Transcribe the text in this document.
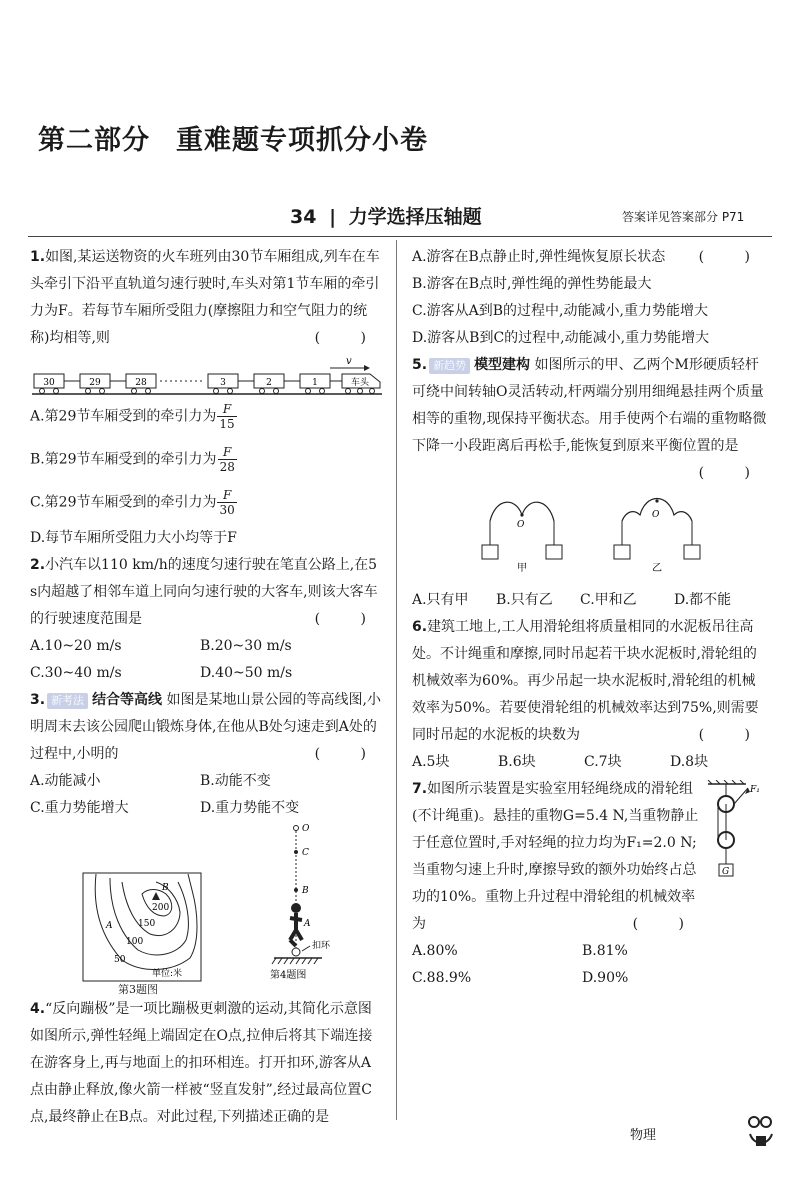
第二部分 重难题专项抓分小卷
34 | 力学选择压轴题	答案详见答案部分 P71

1.如图,某运送物资的火车班列由30节车厢组成,列车在车头牵引下沿平直轨道匀速行驶时,车头对第1节车厢的牵引力为F。若每节车厢所受阻力(摩擦阻力和空气阻力的统称)均相等,则	( )

30	29	28	3	2	1	车头
v

A.第29节车厢受到的牵引力为 $\frac{F}{15}$

B.第29节车厢受到的牵引力为 $\frac{F}{28}$

C.第29节车厢受到的牵引力为 $\frac{F}{30}$

D.每节车厢所受阻力大小均等于F

2.小汽车以110 km/h的速度匀速行驶在笔直公路上,在5 s内超越了相邻车道上同向匀速行驶的大客车,则该大客车的行驶速度范围是	( )

A.10~20 m/s	B.20~30 m/s
C.30~40 m/s	D.40~50 m/s

3. 新考法 结合等高线 如图是某地山景公园的等高线图,小明周末去该公园爬山锻炼身体,在他从B处匀速走到A处的过程中,小明的	( )

A.动能减小	B.动能不变
C.重力势能增大	D.重力势能不变
B
200
150
A
100
50
单位:米
第3题图
O
C
B
A
扣环
第4题图

4.“反向蹦极”是一项比蹦极更刺激的运动,其简化示意图如图所示,弹性轻绳上端固定在O点,拉伸后将其下端连接在游客身上,再与地面上的扣环相连。打开扣环,游客从A点由静止释放,像火箭一样被“竖直发射”,经过最高位置C点,最终静止在B点。对此过程,下列描述正确的是

( )

A.游客在B点静止时,弹性绳恢复原长状态

B.游客在B点时,弹性绳的弹性势能最大

C.游客从A到B的过程中,动能减小,重力势能增大

D.游客从B到C的过程中,动能减小,重力势能增大

5. 新趋势 模型建构 如图所示的甲、乙两个M形硬质轻杆可绕中间转轴O灵活转动,杆两端分别用细绳悬挂两个质量相等的重物,现保持平衡状态。用手使两个右端的重物略微下降一小段距离后再松手,能恢复到原来平衡位置的是
( )

O
甲
O
乙
A.只有甲	B.只有乙	C.甲和乙	D.都不能

6.建筑工地上,工人用滑轮组将质量相同的水泥板吊往高处。不计绳重和摩擦,同时吊起若干块水泥板时,滑轮组的机械效率为60%。再少吊起一块水泥板时,滑轮组的机械效率为50%。若要使滑轮组的机械效率达到75%,则需要同时吊起的水泥板的块数为	( )

A.5块	B.6块	C.7块	D.8块

7.如图所示装置是实验室用轻绳绕成的滑轮组(不计绳重)。悬挂的重物G=5.4 N,当重物静止于任意位置时,手对轻绳的拉力均为F₁=2.0 N;当重物匀速上升时,摩擦导致的额外功始终占总功的10%。重物上升过程中滑轮组的机械效率为	( )

F₁
G
A.80%	B.81%
C.88.9%	D.90%
物理
